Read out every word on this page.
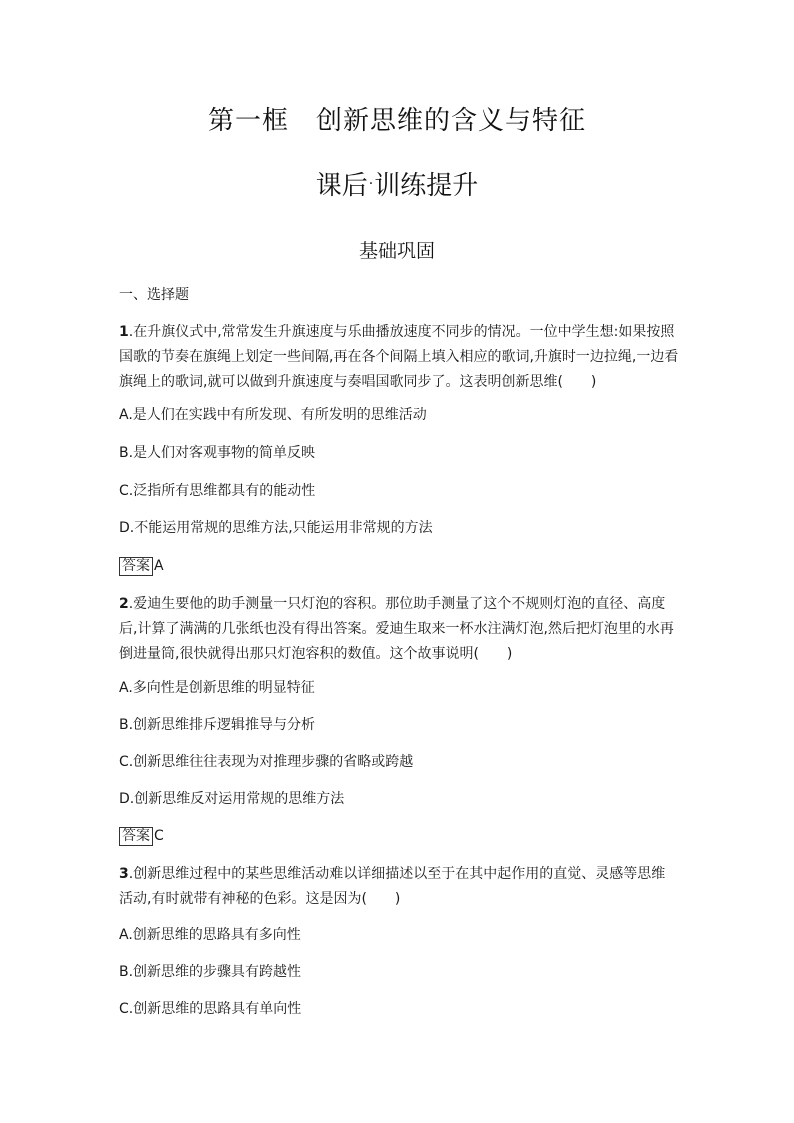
第一框　创新思维的含义与特征
课后·训练提升
基础巩固
一、选择题
1.在升旗仪式中,常常发生升旗速度与乐曲播放速度不同步的情况。一位中学生想:如果按照国歌的节奏在旗绳上划定一些间隔,再在各个间隔上填入相应的歌词,升旗时一边拉绳,一边看旗绳上的歌词,就可以做到升旗速度与奏唱国歌同步了。这表明创新思维(　　)
A.是人们在实践中有所发现、有所发明的思维活动
B.是人们对客观事物的简单反映
C.泛指所有思维都具有的能动性
D.不能运用常规的思维方法,只能运用非常规的方法
答案 A
2.爱迪生要他的助手测量一只灯泡的容积。那位助手测量了这个不规则灯泡的直径、高度后,计算了满满的几张纸也没有得出答案。爱迪生取来一杯水注满灯泡,然后把灯泡里的水再倒进量筒,很快就得出那只灯泡容积的数值。这个故事说明(　　)
A.多向性是创新思维的明显特征
B.创新思维排斥逻辑推导与分析
C.创新思维往往表现为对推理步骤的省略或跨越
D.创新思维反对运用常规的思维方法
答案 C
3.创新思维过程中的某些思维活动难以详细描述以至于在其中起作用的直觉、灵感等思维活动,有时就带有神秘的色彩。这是因为(　　)
A.创新思维的思路具有多向性
B.创新思维的步骤具有跨越性
C.创新思维的思路具有单向性
